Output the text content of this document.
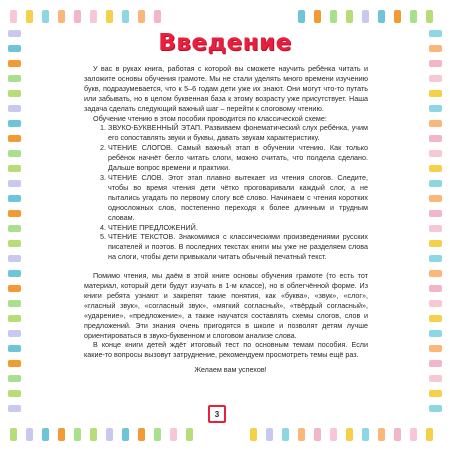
Введение

У вас в руках книга, работая с которой вы сможете научить ребёнка читать и заложите основы обучения грамоте. Мы не стали уделять много времени изучению букв, подразумевается, что к 5–6 годам дети уже их знают. Они могут что-то путать или забывать, но в целом буквенная база к этому возрасту уже присутствует. Наша задача сделать следующий важный шаг – перейти к слоговому чтению.

Обучение чтению в этом пособии проводится по классической схеме:

1. ЗВУКО-БУКВЕННЫЙ ЭТАП. Развиваем фонематический слух ребёнка, учим его сопоставлять звуки и буквы, давать звукам характеристику.
2. ЧТЕНИЕ СЛОГОВ. Самый важный этап в обучении чтению. Как только ребёнок начнёт бегло читать слоги, можно считать, что полдела сделано. Дальше вопрос времени и практики.
3. ЧТЕНИЕ СЛОВ. Этот этап плавно вытекает из чтения слогов. Следите, чтобы во время чтения дети чётко проговаривали каждый слог, а не пытались угадать по первому слогу всё слово. Начинаем с чтения коротких односложных слов, постепенно переходя к более длинным и трудным словам.
4. ЧТЕНИЕ ПРЕДЛОЖЕНИЙ.
5. ЧТЕНИЕ ТЕКСТОВ. Знакомимся с классическими произведениями русских писателей и поэтов. В последних текстах книги мы уже не разделяем слова на слоги, чтобы дети привыкали читать обычный печатный текст.

Помимо чтения, мы даём в этой книге основы обучения грамоте (то есть тот материал, который дети будут изучать в 1-м классе), но в облегчённой форме. Из книги ребята узнают и закрепят такие понятия, как «буква», «звук», «слог», «гласный звук», «согласный звук», «мягкий согласный», «твёрдый согласный», «ударение», «предложение», а также научатся составлять схемы слогов, слов и предложений. Эти знания очень пригодятся в школе и позволят детям лучше ориентироваться в звуко-буквенном и слоговом анализе слова.

В конце книги детей ждёт итоговый тест по основным темам пособия. Если какие-то вопросы вызовут затруднение, рекомендуем просмотреть темы ещё раз.

Желаем вам успехов!

3
